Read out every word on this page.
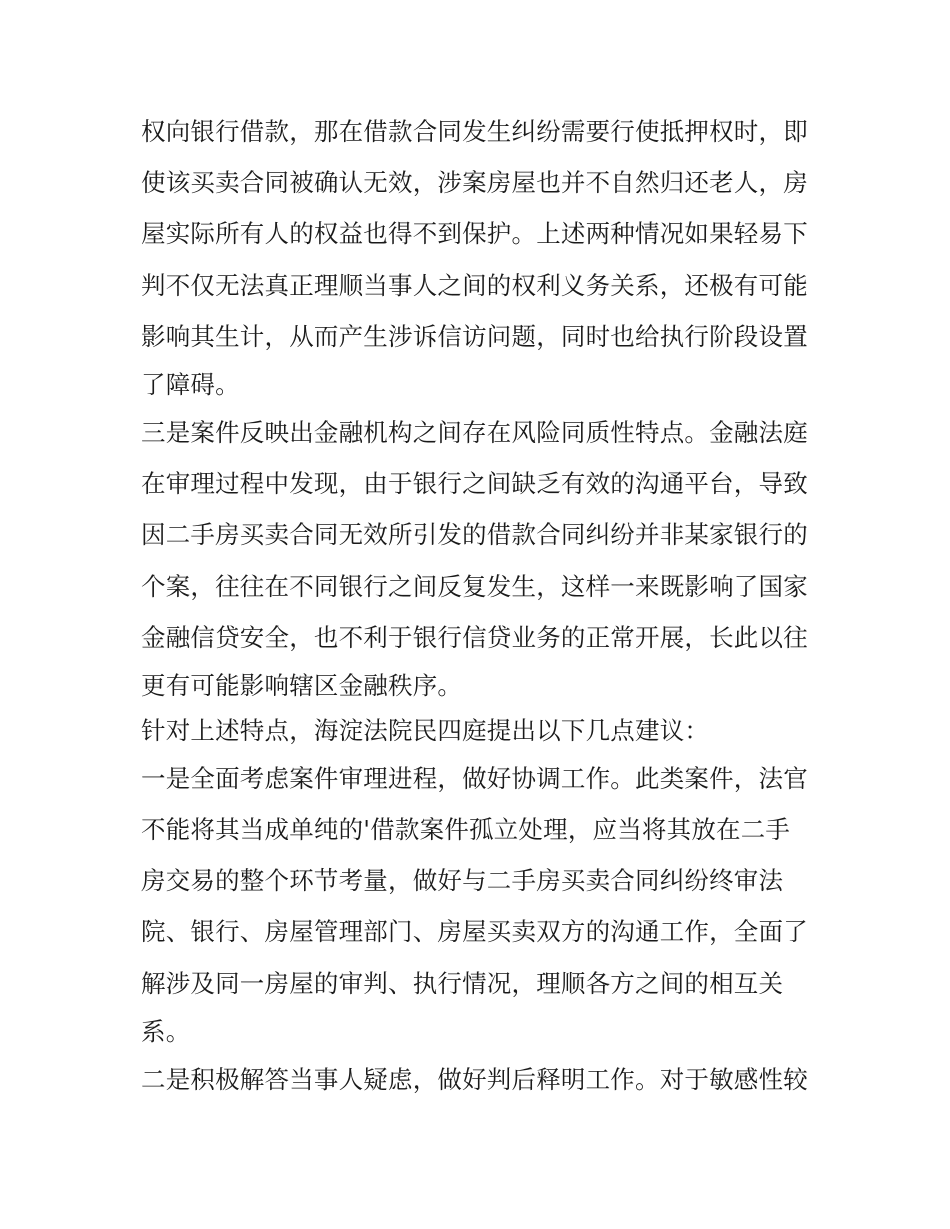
权向银行借款，那在借款合同发生纠纷需要行使抵押权时，即
使该买卖合同被确认无效，涉案房屋也并不自然归还老人，房
屋实际所有人的权益也得不到保护。上述两种情况如果轻易下
判不仅无法真正理顺当事人之间的权利义务关系，还极有可能
影响其生计，从而产生涉诉信访问题，同时也给执行阶段设置
了障碍。
三是案件反映出金融机构之间存在风险同质性特点。金融法庭
在审理过程中发现，由于银行之间缺乏有效的沟通平台，导致
因二手房买卖合同无效所引发的借款合同纠纷并非某家银行的
个案，往往在不同银行之间反复发生，这样一来既影响了国家
金融信贷安全，也不利于银行信贷业务的正常开展，长此以往
更有可能影响辖区金融秩序。
针对上述特点，海淀法院民四庭提出以下几点建议：
一是全面考虑案件审理进程，做好协调工作。此类案件，法官
不能将其当成单纯的'借款案件孤立处理，应当将其放在二手
房交易的整个环节考量，做好与二手房买卖合同纠纷终审法
院、银行、房屋管理部门、房屋买卖双方的沟通工作，全面了
解涉及同一房屋的审判、执行情况，理顺各方之间的相互关
系。
二是积极解答当事人疑虑，做好判后释明工作。对于敏感性较
